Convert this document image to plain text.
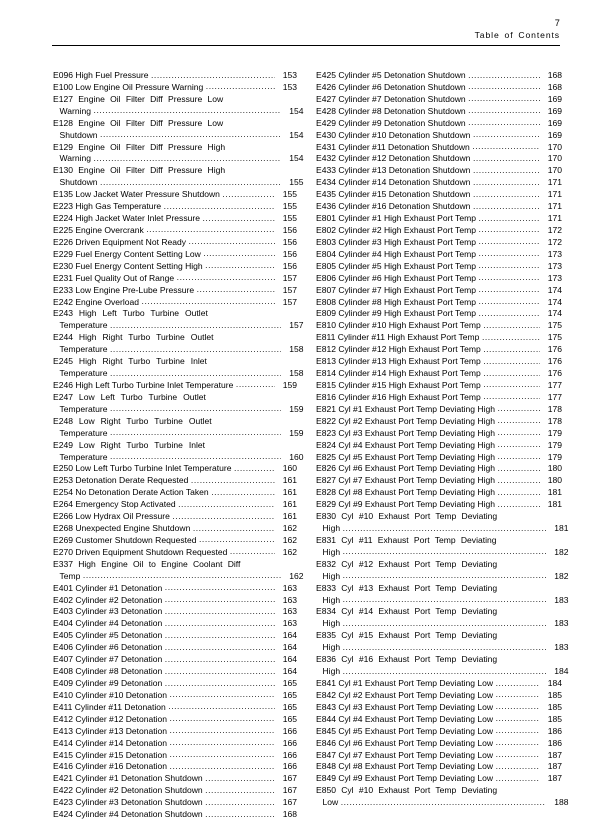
7
Table of Contents
E096 High Fuel Pressure .....	153
E100 Low Engine Oil Pressure Warning .....	153
E127 Engine Oil Filter Diff Pressure Low
Warning .....	154
E128 Engine Oil Filter Diff Pressure Low
Shutdown .....	154
E129 Engine Oil Filter Diff Pressure High
Warning .....	154
E130 Engine Oil Filter Diff Pressure High
Shutdown .....	155
E135 Low Jacket Water Pressure Shutdown .....	155
E223 High Gas Temperature .....	155
E224 High Jacket Water Inlet Pressure .....	155
E225 Engine Overcrank .....	156
E226 Driven Equipment Not Ready .....	156
E229 Fuel Energy Content Setting Low .....	156
E230 Fuel Energy Content Setting High .....	156
E231 Fuel Quality Out of Range .....	157
E233 Low Engine Pre-Lube Pressure .....	157
E242 Engine Overload .....	157
E243 High Left Turbo Turbine Outlet
Temperature .....	157
E244 High Right Turbo Turbine Outlet
Temperature .....	158
E245 High Right Turbo Turbine Inlet
Temperature .....	158
E246 High Left Turbo Turbine Inlet Temperature .....	159
E247 Low Left Turbo Turbine Outlet
Temperature .....	159
E248 Low Right Turbo Turbine Outlet
Temperature .....	159
E249 Low Right Turbo Turbine Inlet
Temperature .....	160
E250 Low Left Turbo Turbine Inlet Temperature .....	160
E253 Detonation Derate Requested .....	161
E254 No Detonation Derate Action Taken .....	161
E264 Emergency Stop Activated .....	161
E266 Low Hydrax Oil Pressure .....	161
E268 Unexpected Engine Shutdown .....	162
E269 Customer Shutdown Requested .....	162
E270 Driven Equipment Shutdown Requested .....	162
E337 High Engine Oil to Engine Coolant Diff
Temp .....	162
E401 Cylinder #1 Detonation .....	163
E402 Cylinder #2 Detonation .....	163
E403 Cylinder #3 Detonation .....	163
E404 Cylinder #4 Detonation .....	163
E405 Cylinder #5 Detonation .....	164
E406 Cylinder #6 Detonation .....	164
E407 Cylinder #7 Detonation .....	164
E408 Cylinder #8 Detonation .....	164
E409 Cylinder #9 Detonation .....	165
E410 Cylinder #10 Detonation .....	165
E411 Cylinder #11 Detonation .....	165
E412 Cylinder #12 Detonation .....	165
E413 Cylinder #13 Detonation .....	166
E414 Cylinder #14 Detonation .....	166
E415 Cylinder #15 Detonation .....	166
E416 Cylinder #16 Detonation .....	166
E421 Cylinder #1 Detonation Shutdown .....	167
E422 Cylinder #2 Detonation Shutdown .....	167
E423 Cylinder #3 Detonation Shutdown .....	167
E424 Cylinder #4 Detonation Shutdown .....	168
E425 Cylinder #5 Detonation Shutdown .....	168
E426 Cylinder #6 Detonation Shutdown .....	168
E427 Cylinder #7 Detonation Shutdown .....	169
E428 Cylinder #8 Detonation Shutdown .....	169
E429 Cylinder #9 Detonation Shutdown .....	169
E430 Cylinder #10 Detonation Shutdown .....	169
E431 Cylinder #11 Detonation Shutdown .....	170
E432 Cylinder #12 Detonation Shutdown .....	170
E433 Cylinder #13 Detonation Shutdown .....	170
E434 Cylinder #14 Detonation Shutdown .....	171
E435 Cylinder #15 Detonation Shutdown .....	171
E436 Cylinder #16 Detonation Shutdown .....	171
E801 Cylinder #1 High Exhaust Port Temp .....	171
E802 Cylinder #2 High Exhaust Port Temp .....	172
E803 Cylinder #3 High Exhaust Port Temp .....	172
E804 Cylinder #4 High Exhaust Port Temp .....	173
E805 Cylinder #5 High Exhaust Port Temp .....	173
E806 Cylinder #6 High Exhaust Port Temp .....	173
E807 Cylinder #7 High Exhaust Port Temp .....	174
E808 Cylinder #8 High Exhaust Port Temp .....	174
E809 Cylinder #9 High Exhaust Port Temp .....	174
E810 Cylinder #10 High Exhaust Port Temp .....	175
E811 Cylinder #11 High Exhaust Port Temp .....	175
E812 Cylinder #12 High Exhaust Port Temp .....	176
E813 Cylinder #13 High Exhaust Port Temp .....	176
E814 Cylinder #14 High Exhaust Port Temp .....	176
E815 Cylinder #15 High Exhaust Port Temp .....	177
E816 Cylinder #16 High Exhaust Port Temp .....	177
E821 Cyl #1 Exhaust Port Temp Deviating High .....	178
E822 Cyl #2 Exhaust Port Temp Deviating High .....	178
E823 Cyl #3 Exhaust Port Temp Deviating High .....	179
E824 Cyl #4 Exhaust Port Temp Deviating High .....	179
E825 Cyl #5 Exhaust Port Temp Deviating High .....	179
E826 Cyl #6 Exhaust Port Temp Deviating High .....	180
E827 Cyl #7 Exhaust Port Temp Deviating High .....	180
E828 Cyl #8 Exhaust Port Temp Deviating High .....	181
E829 Cyl #9 Exhaust Port Temp Deviating High .....	181
E830 Cyl #10 Exhaust Port Temp Deviating
High .....	181
E831 Cyl #11 Exhaust Port Temp Deviating
High .....	182
E832 Cyl #12 Exhaust Port Temp Deviating
High .....	182
E833 Cyl #13 Exhaust Port Temp Deviating
High .....	183
E834 Cyl #14 Exhaust Port Temp Deviating
High .....	183
E835 Cyl #15 Exhaust Port Temp Deviating
High .....	183
E836 Cyl #16 Exhaust Port Temp Deviating
High .....	184
E841 Cyl #1 Exhaust Port Temp Deviating Low .....	184
E842 Cyl #2 Exhaust Port Temp Deviating Low .....	185
E843 Cyl #3 Exhaust Port Temp Deviating Low .....	185
E844 Cyl #4 Exhaust Port Temp Deviating Low .....	185
E845 Cyl #5 Exhaust Port Temp Deviating Low .....	186
E846 Cyl #6 Exhaust Port Temp Deviating Low .....	186
E847 Cyl #7 Exhaust Port Temp Deviating Low .....	187
E848 Cyl #8 Exhaust Port Temp Deviating Low .....	187
E849 Cyl #9 Exhaust Port Temp Deviating Low .....	187
E850 Cyl #10 Exhaust Port Temp Deviating
Low .....	188
